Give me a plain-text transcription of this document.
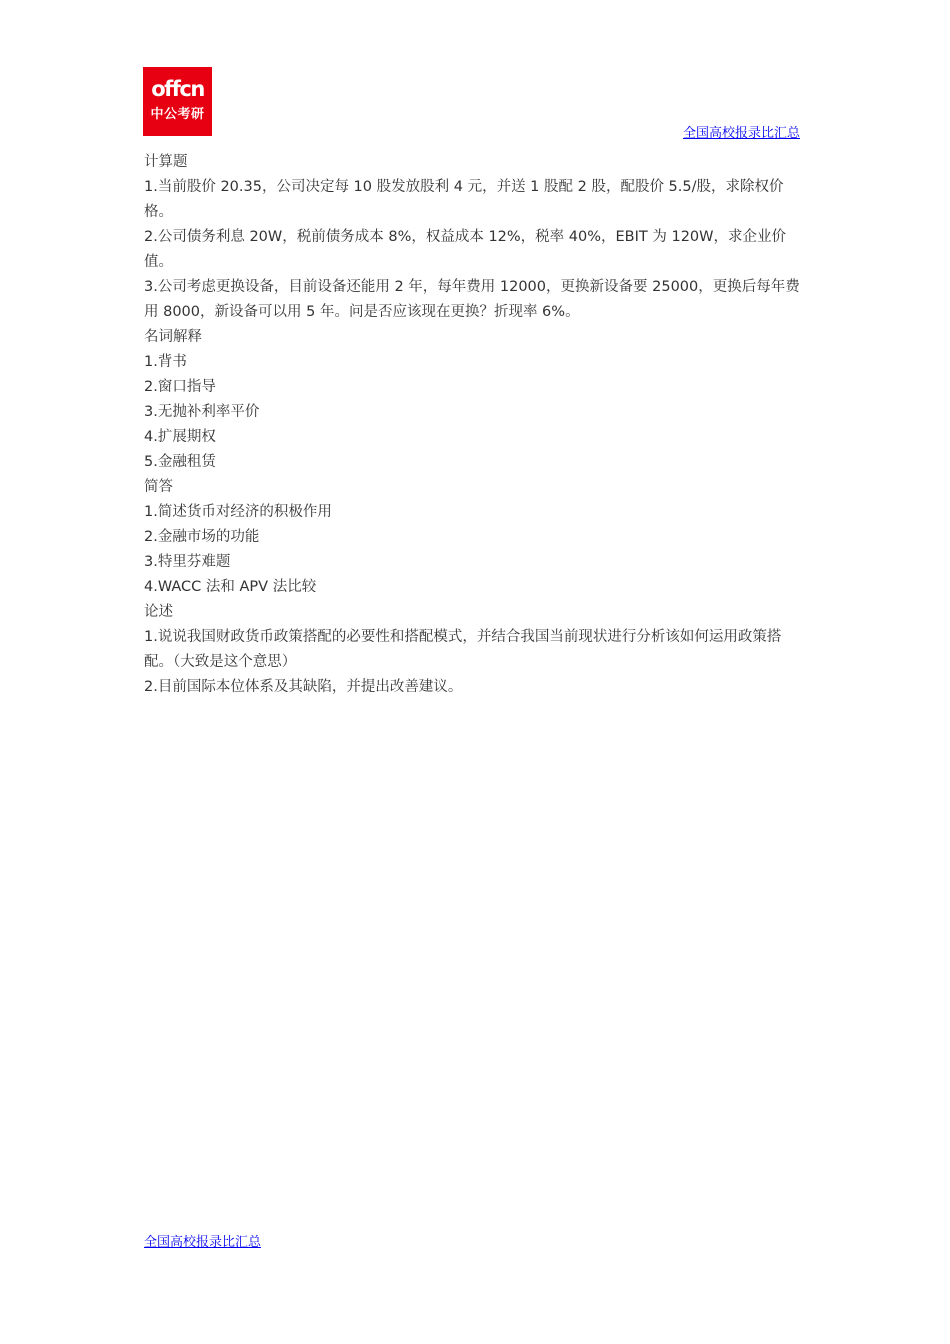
offcn
中公考研
全国高校报录比汇总

计算题

1.当前股价 20.35，公司决定每 10 股发放股利 4 元，并送 1 股配 2 股，配股价 5.5/股，求除权价格。

2.公司债务利息 20W，税前债务成本 8%，权益成本 12%，税率 40%，EBIT 为 120W，求企业价值。

3.公司考虑更换设备，目前设备还能用 2 年，每年费用 12000，更换新设备要 25000，更换后每年费用 8000，新设备可以用 5 年。问是否应该现在更换？折现率 6%。

名词解释

1.背书

2.窗口指导

3.无抛补利率平价

4.扩展期权

5.金融租赁

简答

1.简述货币对经济的积极作用

2.金融市场的功能

3.特里芬难题

4.WACC 法和 APV 法比较

论述

1.说说我国财政货币政策搭配的必要性和搭配模式，并结合我国当前现状进行分析该如何运用政策搭配。（大致是这个意思）

2.目前国际本位体系及其缺陷，并提出改善建议。

全国高校报录比汇总
